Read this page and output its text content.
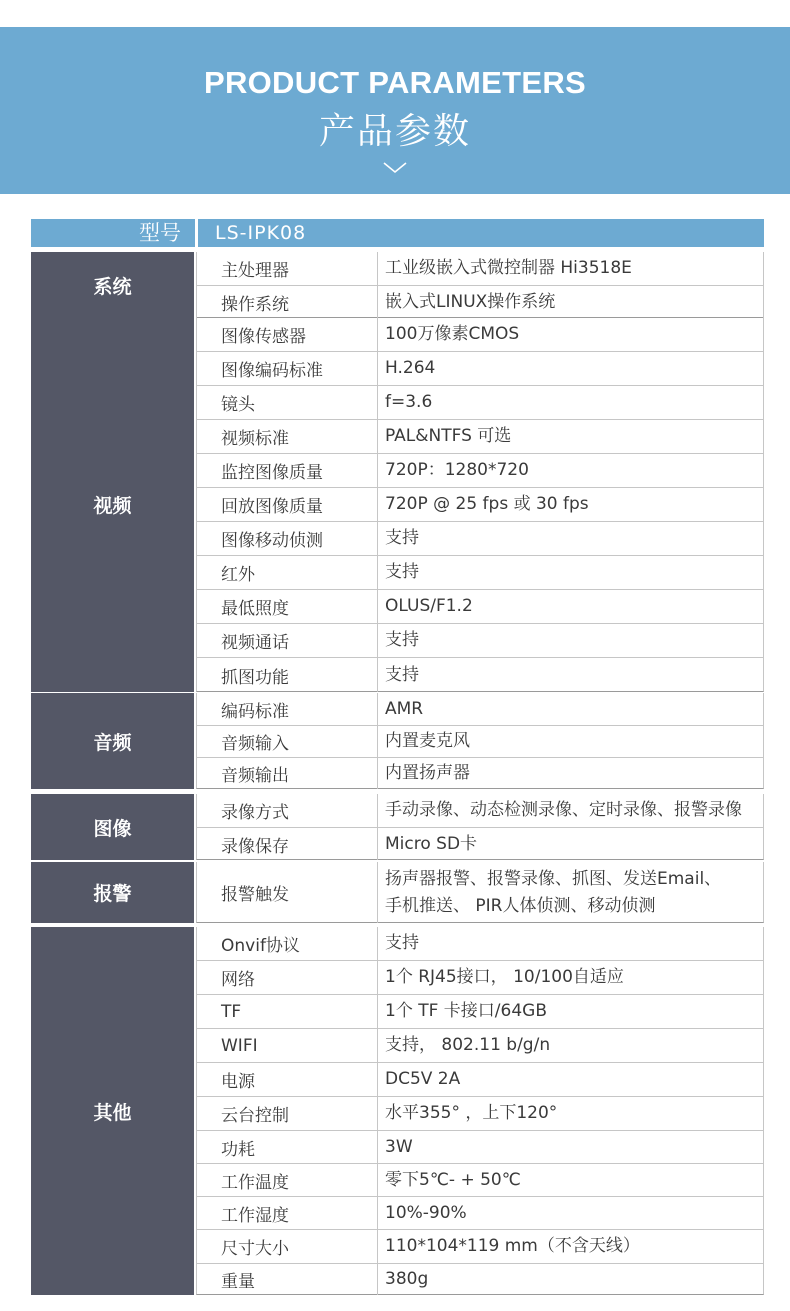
PRODUCT PARAMETERS
产品参数
型号	LS-IPK08
系统
主处理器	工业级嵌入式微控制器 Hi3518E
操作系统	嵌入式LINUX操作系统
视频
图像传感器	100万像素CMOS
图像编码标准	H.264
镜头	f=3.6
视频标准	PAL&NTFS 可选
监控图像质量	720P：1280*720
回放图像质量	720P @ 25 fps 或 30 fps
图像移动侦测	支持
红外	支持
最低照度	OLUS/F1.2
视频通话	支持
抓图功能	支持
音频
编码标准	AMR
音频输入	内置麦克风
音频输出	内置扬声器
图像
录像方式	手动录像、动态检测录像、定时录像、报警录像
录像保存	Micro SD卡
报警	报警触发
扬声器报警、报警录像、抓图、发送Email、
手机推送、 PIR人体侦测、移动侦测
其他
Onvif协议	支持
网络	1个 RJ45接口， 10/100自适应
TF	1个 TF 卡接口/64GB
WIFI	支持， 802.11 b/g/n
电源	DC5V 2A
云台控制	水平355° ，上下120°
功耗	3W
工作温度	零下5℃- + 50℃
工作湿度	10%-90%
尺寸大小	110*104*119 mm（不含天线）
重量	380g
